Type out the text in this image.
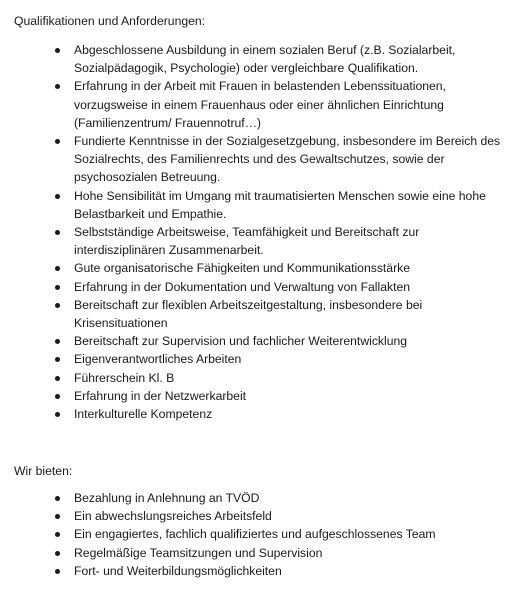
Qualifikationen und Anforderungen:

Abgeschlossene Ausbildung in einem sozialen Beruf (z.B. Sozialarbeit, Sozialpädagogik, Psychologie) oder vergleichbare Qualifikation.
Erfahrung in der Arbeit mit Frauen in belastenden Lebenssituationen, vorzugsweise in einem Frauenhaus oder einer ähnlichen Einrichtung (Familienzentrum/ Frauennotruf…)
Fundierte Kenntnisse in der Sozialgesetzgebung, insbesondere im Bereich des Sozialrechts, des Familienrechts und des Gewaltschutzes, sowie der psychosozialen Betreuung.
Hohe Sensibilität im Umgang mit traumatisierten Menschen sowie eine hohe Belastbarkeit und Empathie.
Selbstständige Arbeitsweise, Teamfähigkeit und Bereitschaft zur interdisziplinären Zusammenarbeit.
Gute organisatorische Fähigkeiten und Kommunikationsstärke
Erfahrung in der Dokumentation und Verwaltung von Fallakten
Bereitschaft zur flexiblen Arbeitszeitgestaltung, insbesondere bei Krisensituationen
Bereitschaft zur Supervision und fachlicher Weiterentwicklung
Eigenverantwortliches Arbeiten
Führerschein Kl. B
Erfahrung in der Netzwerkarbeit
Interkulturelle Kompetenz

Wir bieten:

Bezahlung in Anlehnung an TVÖD
Ein abwechslungsreiches Arbeitsfeld
Ein engagiertes, fachlich qualifiziertes und aufgeschlossenes Team
Regelmäßige Teamsitzungen und Supervision
Fort- und Weiterbildungsmöglichkeiten
